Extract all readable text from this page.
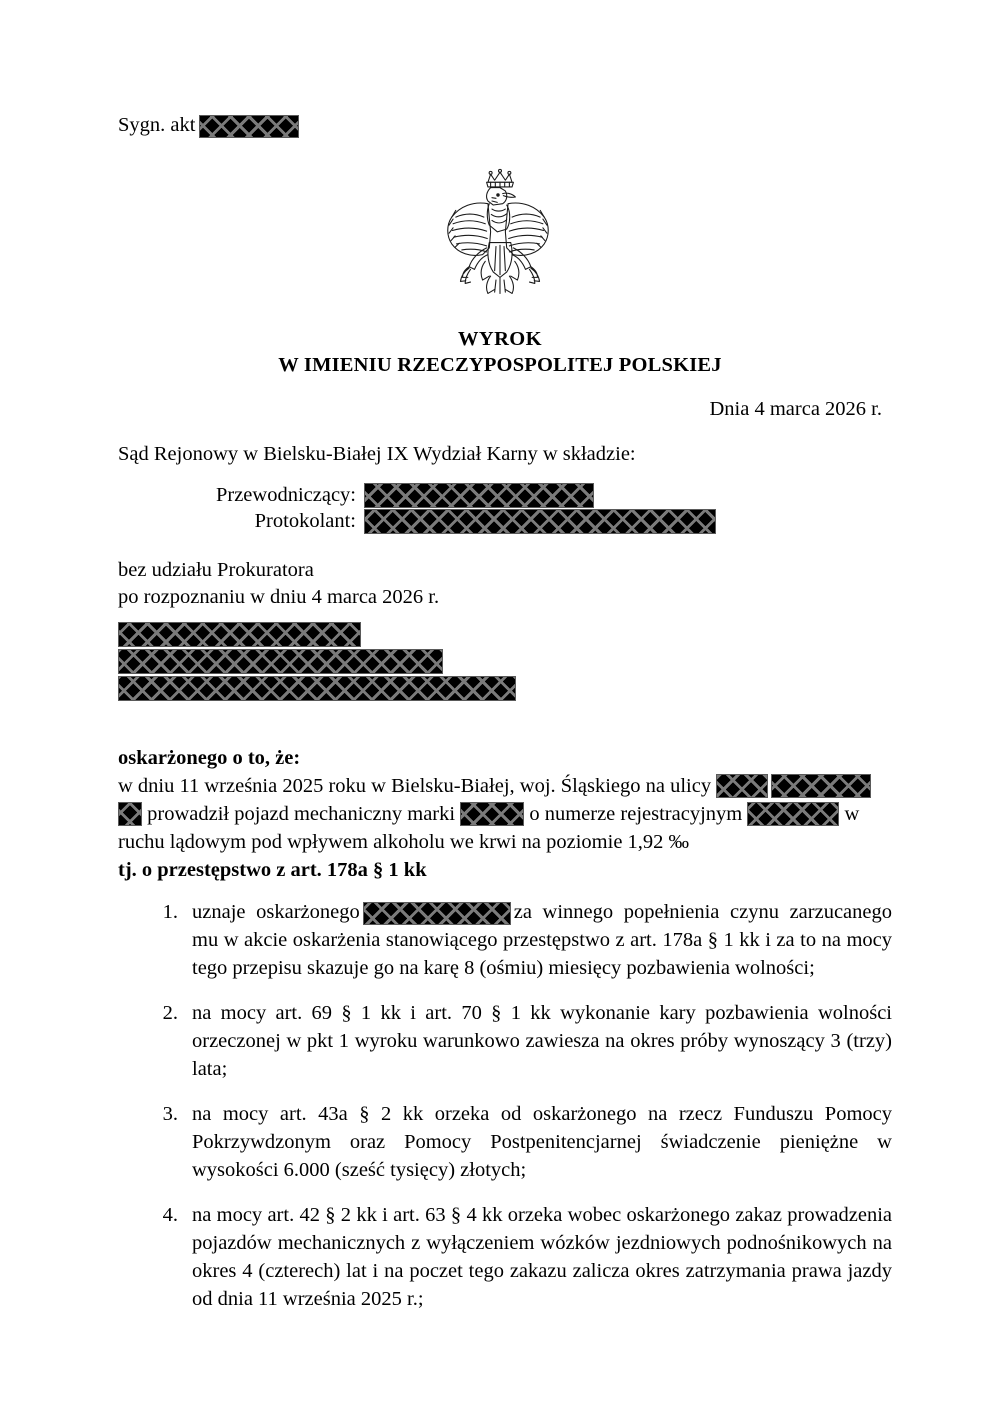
Sygn. akt
WYROK
W IMIENIU RZECZYPOSPOLITEJ POLSKIEJ
Dnia 4 marca 2026 r.
Sąd Rejonowy w Bielsku-Białej IX Wydział Karny w składzie:
Przewodniczący:
Protokolant:
bez udziału Prokuratora
po rozpoznaniu w dniu 4 marca 2026 r.
oskarżonego o to, że:
w dniu 11 września 2025 roku w Bielsku-Białej, woj. Śląskiego na ulicy
prowadził pojazd mechaniczny marki	o numerze rejestracyjnym	w
ruchu lądowym pod wpływem alkoholu we krwi na poziomie 1,92 ‰
tj. o przestępstwo z art. 178a § 1 kk
1. uznaje oskarżonego	za winnego popełnienia czynu zarzucanego mu w akcie oskarżenia stanowiącego przestępstwo z art. 178a § 1 kk i za to na mocy tego przepisu skazuje go na karę 8 (ośmiu) miesięcy pozbawienia wolności;
2. na mocy art. 69 § 1 kk i art. 70 § 1 kk wykonanie kary pozbawienia wolności orzeczonej w pkt 1 wyroku warunkowo zawiesza na okres próby wynoszący 3 (trzy) lata;
3. na mocy art. 43a § 2 kk orzeka od oskarżonego na rzecz Funduszu Pomocy Pokrzywdzonym oraz Pomocy Postpenitencjarnej świadczenie pieniężne w wysokości 6.000 (sześć tysięcy) złotych;
4. na mocy art. 42 § 2 kk i art. 63 § 4 kk orzeka wobec oskarżonego zakaz prowadzenia pojazdów mechanicznych z wyłączeniem wózków jezdniowych podnośnikowych na okres 4 (czterech) lat i na poczet tego zakazu zalicza okres zatrzymania prawa jazdy od dnia 11 września 2025 r.;
